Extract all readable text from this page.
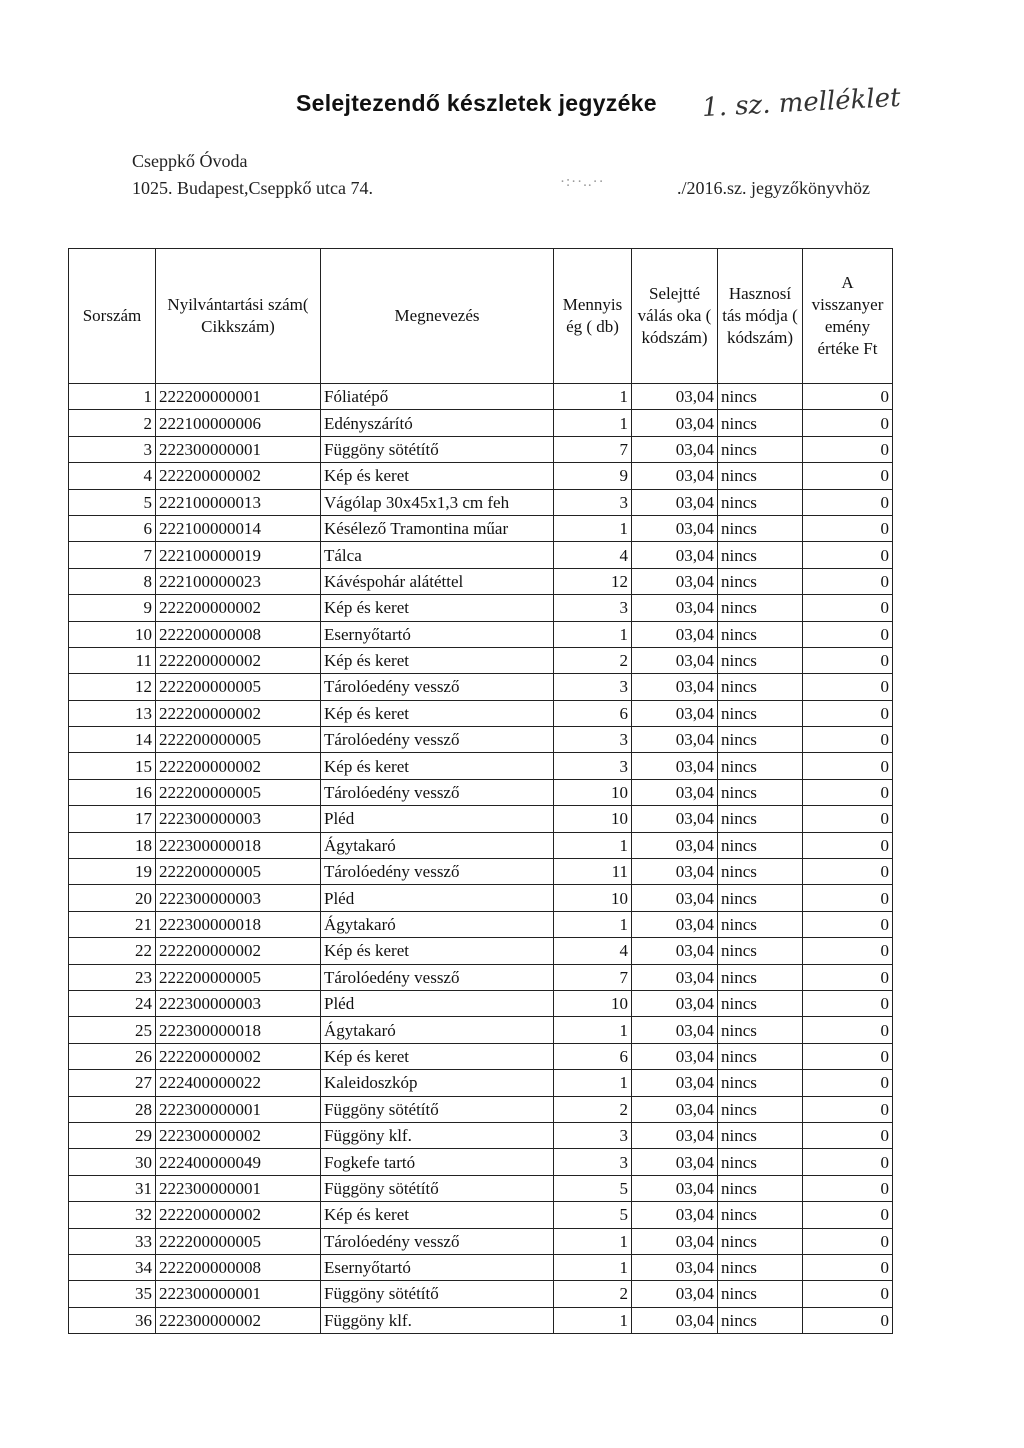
Selejtezendő készletek jegyzéke 1. sz. melléklet
Cseppkő Óvoda
1025. Budapest,Cseppkő utca 74.	·:··..··	./2016.sz. jegyzőkönyvhöz
Sorszám	Nyilvántartási szám( Cikkszám)	Megnevezés	Mennyis ég ( db)	Selejtté válás oka ( kódszám)	Hasznosí tás módja ( kódszám)	A visszanyer emény értéke Ft
1	222200000001	Fóliatépő	1	03,04	nincs	0
2	222100000006	Edényszárító	1	03,04	nincs	0
3	222300000001	Függöny sötétítő	7	03,04	nincs	0
4	222200000002	Kép és keret	9	03,04	nincs	0
5	222100000013	Vágólap 30x45x1,3 cm feh	3	03,04	nincs	0
6	222100000014	Késélező Tramontina műar	1	03,04	nincs	0
7	222100000019	Tálca	4	03,04	nincs	0
8	222100000023	Kávéspohár alátéttel	12	03,04	nincs	0
9	222200000002	Kép és keret	3	03,04	nincs	0
10	222200000008	Esernyőtartó	1	03,04	nincs	0
11	222200000002	Kép és keret	2	03,04	nincs	0
12	222200000005	Tárolóedény vessző	3	03,04	nincs	0
13	222200000002	Kép és keret	6	03,04	nincs	0
14	222200000005	Tárolóedény vessző	3	03,04	nincs	0
15	222200000002	Kép és keret	3	03,04	nincs	0
16	222200000005	Tárolóedény vessző	10	03,04	nincs	0
17	222300000003	Pléd	10	03,04	nincs	0
18	222300000018	Ágytakaró	1	03,04	nincs	0
19	222200000005	Tárolóedény vessző	11	03,04	nincs	0
20	222300000003	Pléd	10	03,04	nincs	0
21	222300000018	Ágytakaró	1	03,04	nincs	0
22	222200000002	Kép és keret	4	03,04	nincs	0
23	222200000005	Tárolóedény vessző	7	03,04	nincs	0
24	222300000003	Pléd	10	03,04	nincs	0
25	222300000018	Ágytakaró	1	03,04	nincs	0
26	222200000002	Kép és keret	6	03,04	nincs	0
27	222400000022	Kaleidoszkóp	1	03,04	nincs	0
28	222300000001	Függöny sötétítő	2	03,04	nincs	0
29	222300000002	Függöny klf.	3	03,04	nincs	0
30	222400000049	Fogkefe tartó	3	03,04	nincs	0
31	222300000001	Függöny sötétítő	5	03,04	nincs	0
32	222200000002	Kép és keret	5	03,04	nincs	0
33	222200000005	Tárolóedény vessző	1	03,04	nincs	0
34	222200000008	Esernyőtartó	1	03,04	nincs	0
35	222300000001	Függöny sötétítő	2	03,04	nincs	0
36	222300000002	Függöny klf.	1	03,04	nincs	0
